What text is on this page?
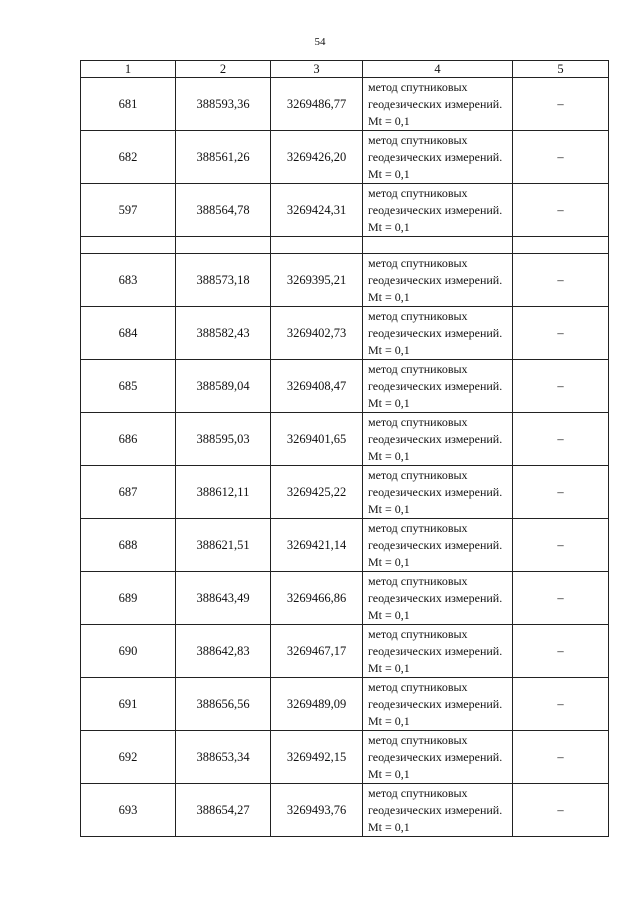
54
1	2	3	4	5
681	388593,36	3269486,77	метод спутниковых геодезических измерений. Mt = 0,1	–
682	388561,26	3269426,20	метод спутниковых геодезических измерений. Mt = 0,1	–
597	388564,78	3269424,31	метод спутниковых геодезических измерений. Mt = 0,1	–

683	388573,18	3269395,21	метод спутниковых геодезических измерений. Mt = 0,1	–
684	388582,43	3269402,73	метод спутниковых геодезических измерений. Mt = 0,1	–
685	388589,04	3269408,47	метод спутниковых геодезических измерений. Mt = 0,1	–
686	388595,03	3269401,65	метод спутниковых геодезических измерений. Mt = 0,1	–
687	388612,11	3269425,22	метод спутниковых геодезических измерений. Mt = 0,1	–
688	388621,51	3269421,14	метод спутниковых геодезических измерений. Mt = 0,1	–
689	388643,49	3269466,86	метод спутниковых геодезических измерений. Mt = 0,1	–
690	388642,83	3269467,17	метод спутниковых геодезических измерений. Mt = 0,1	–
691	388656,56	3269489,09	метод спутниковых геодезических измерений. Mt = 0,1	–
692	388653,34	3269492,15	метод спутниковых геодезических измерений. Mt = 0,1	–
693	388654,27	3269493,76	метод спутниковых геодезических измерений. Mt = 0,1	–
